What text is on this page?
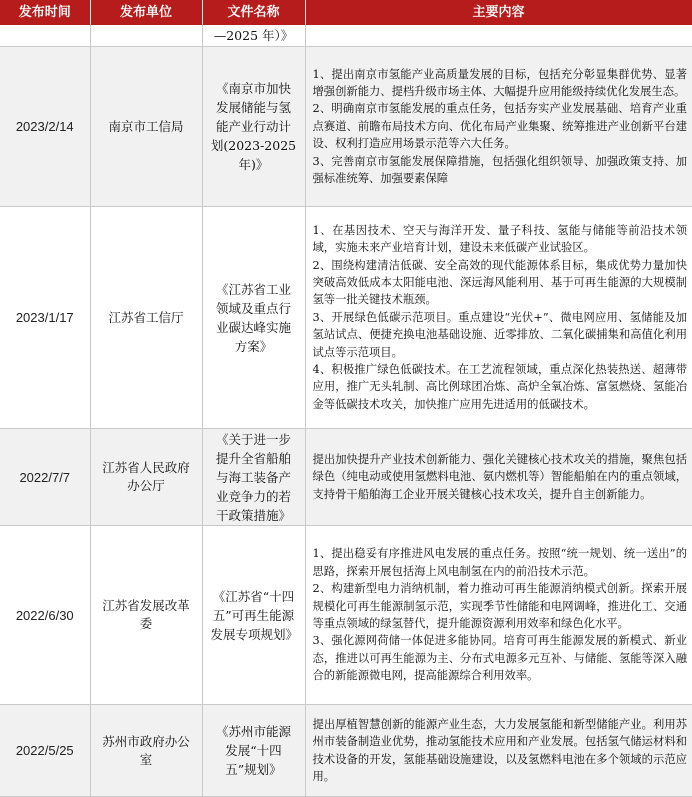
发布时间	发布单位	文件名称	主要内容
		—2025 年）》	
2023/2/14	南京市工信局	《南京市加快发展储能与氢能产业行动计划(2023-2025 年)》	1、提出南京市氢能产业高质量发展的目标，包括充分彰显集群优势、显著增强创新能力、提档升级市场主体、大幅提升应用能级持续优化发展生态。
2、明确南京市氢能发展的重点任务，包括夯实产业发展基础、培育产业重点赛道、前瞻布局技术方向、优化布局产业集聚、统筹推进产业创新平台建设、权利打造应用场景示范等六大任务。
3、完善南京市氢能发展保障措施，包括强化组织领导、加强政策支持、加强标准统筹、加强要素保障

2023/1/17	江苏省工信厅	《江苏省工业领域及重点行业碳达峰实施方案》	1、在基因技术、空天与海洋开发、量子科技、氢能与储能等前沿技术领域，实施未来产业培育计划，建设未来低碳产业试验区。
2、围绕构建清洁低碳、安全高效的现代能源体系目标，集成优势力量加快突破高效低成本太阳能电池、深远海风能利用、基于可再生能源的大规模制氢等一批关键技术瓶颈。
3、开展绿色低碳示范项目。重点建设“光伏+”、微电网应用、氢储能及加氢站试点、便捷充换电池基础设施、近零排放、二氧化碳捕集和高值化利用试点等示范项目。
4、积极推广绿色低碳技术。在工艺流程领域，重点深化热装热送、超薄带应用，推广无头轧制、高比例球团冶炼、高炉全氧冶炼、富氢燃烧、氢能冶金等低碳技术攻关，加快推广应用先进适用的低碳技术。

2022/7/7	江苏省人民政府办公厅	《关于进一步提升全省船舶与海工装备产业竞争力的若干政策措施》	提出加快提升产业技术创新能力、强化关键核心技术攻关的措施，聚焦包括绿色（纯电动或使用氢燃料电池、氨内燃机等）智能船舶在内的重点领域，支持骨干船舶海工企业开展关键核心技术攻关，提升自主创新能力。

2022/6/30	江苏省发展改革委	《江苏省“十四五”可再生能源发展专项规划》	1、提出稳妥有序推进风电发展的重点任务。按照“统一规划、统一送出”的思路，探索开展包括海上风电制氢在内的前沿技术示范。
2、构建新型电力消纳机制，着力推动可再生能源消纳模式创新。探索开展规模化可再生能源制氢示范，实现季节性储能和电网调峰，推进化工、交通等重点领域的绿氢替代，提升能源资源利用效率和绿色化水平。
3、强化源网荷储一体促进多能协同。培育可再生能源发展的新模式、新业态，推进以可再生能源为主、分布式电源多元互补、与储能、氢能等深入融合的新能源微电网，提高能源综合利用效率。

2022/5/25	苏州市政府办公室	《苏州市能源发展“十四五”规划》	提出厚植智慧创新的能源产业生态，大力发展氢能和新型储能产业。利用苏州市装备制造业优势，推动氢能技术应用和产业发展。包括氢气储运材料和技术设备的开发，氢能基础设施建设，以及氢燃料电池在多个领域的示范应用。
